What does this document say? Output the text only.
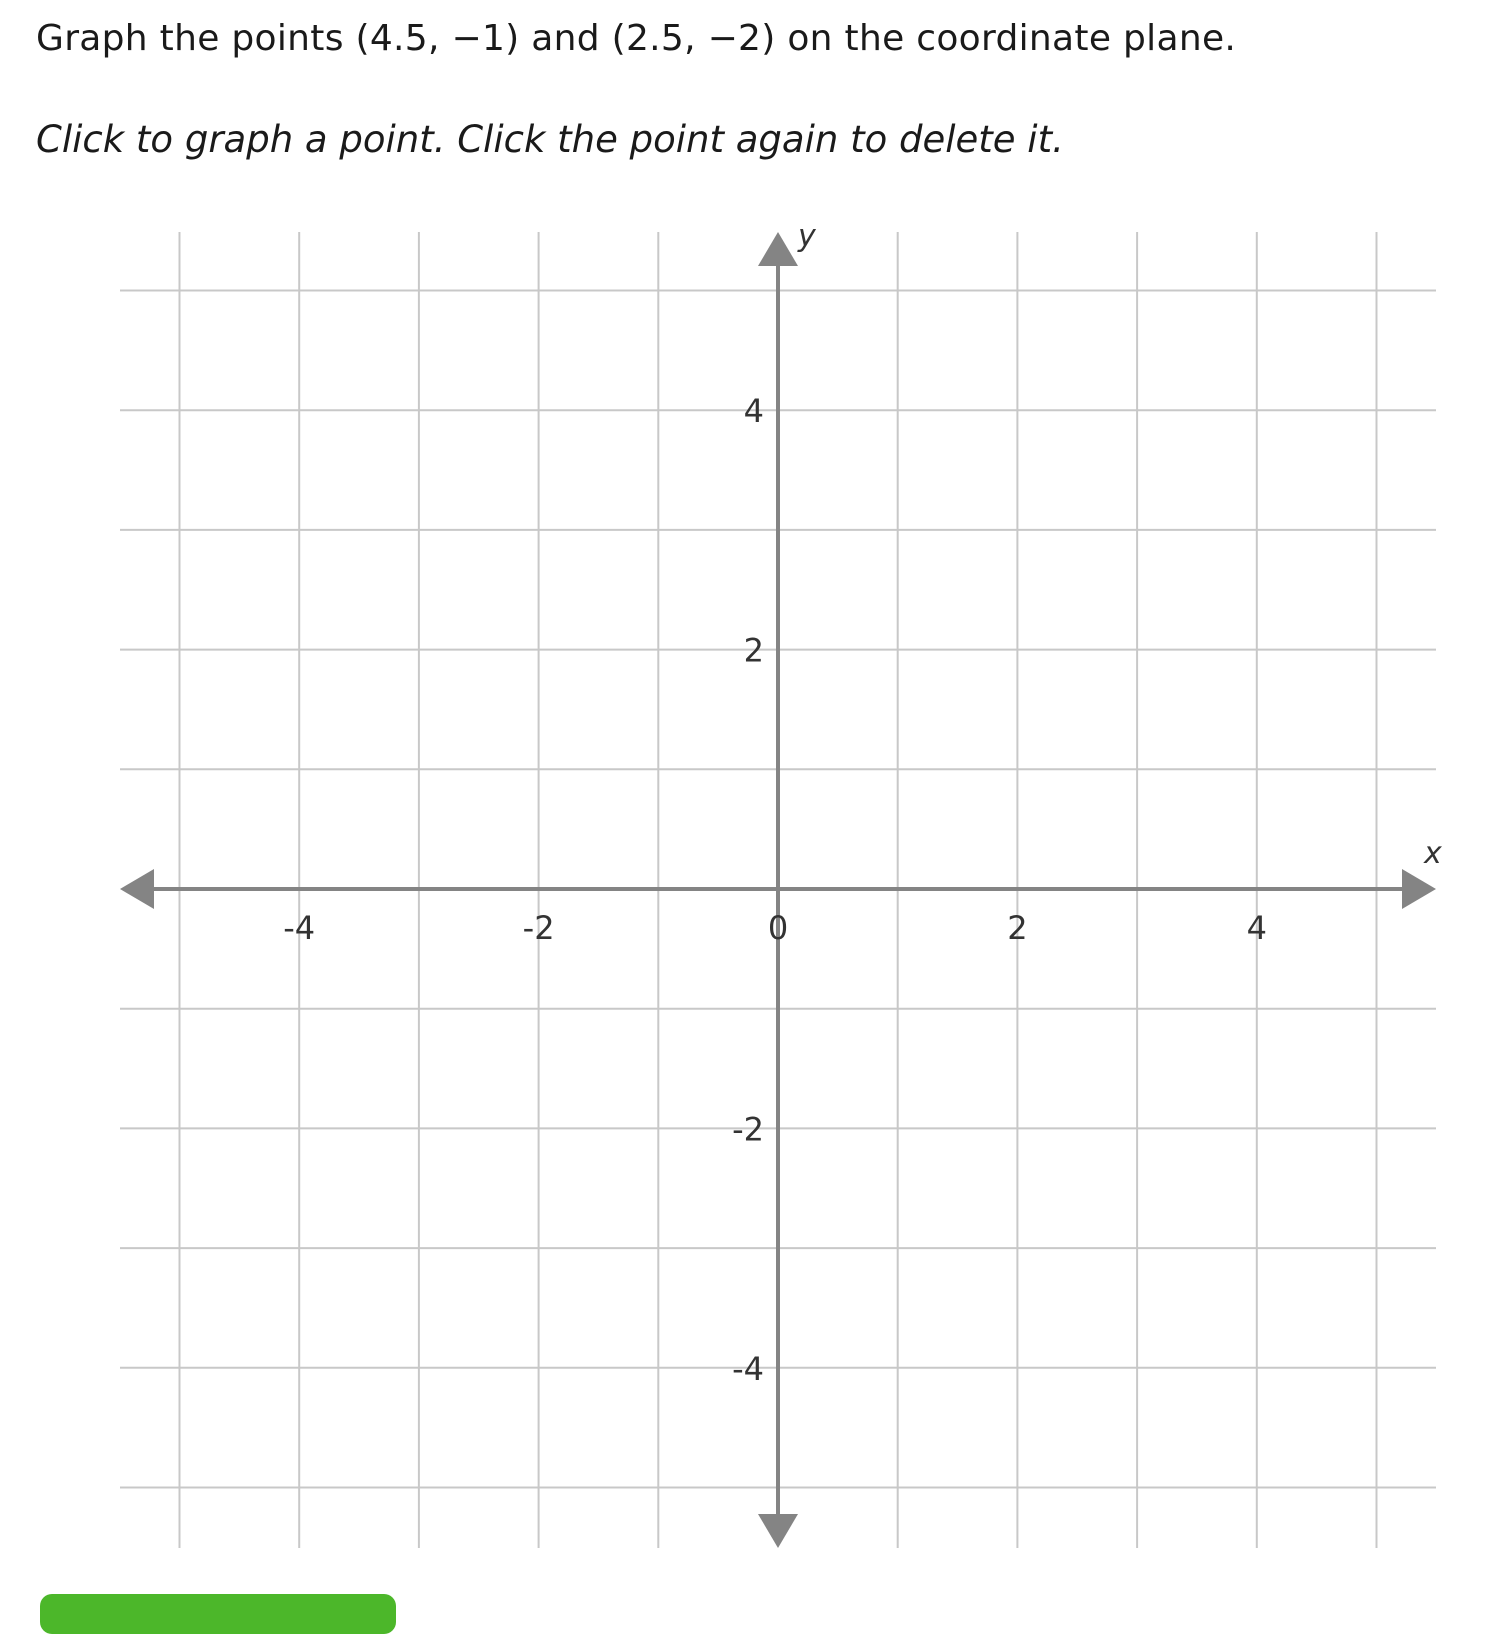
Graph the points (4.5, −1) and (2.5, −2) on the coordinate plane.

Click to graph a point. Click the point again to delete it.

x
y
-4	-2	0	2	4
-4
-2
2
4
